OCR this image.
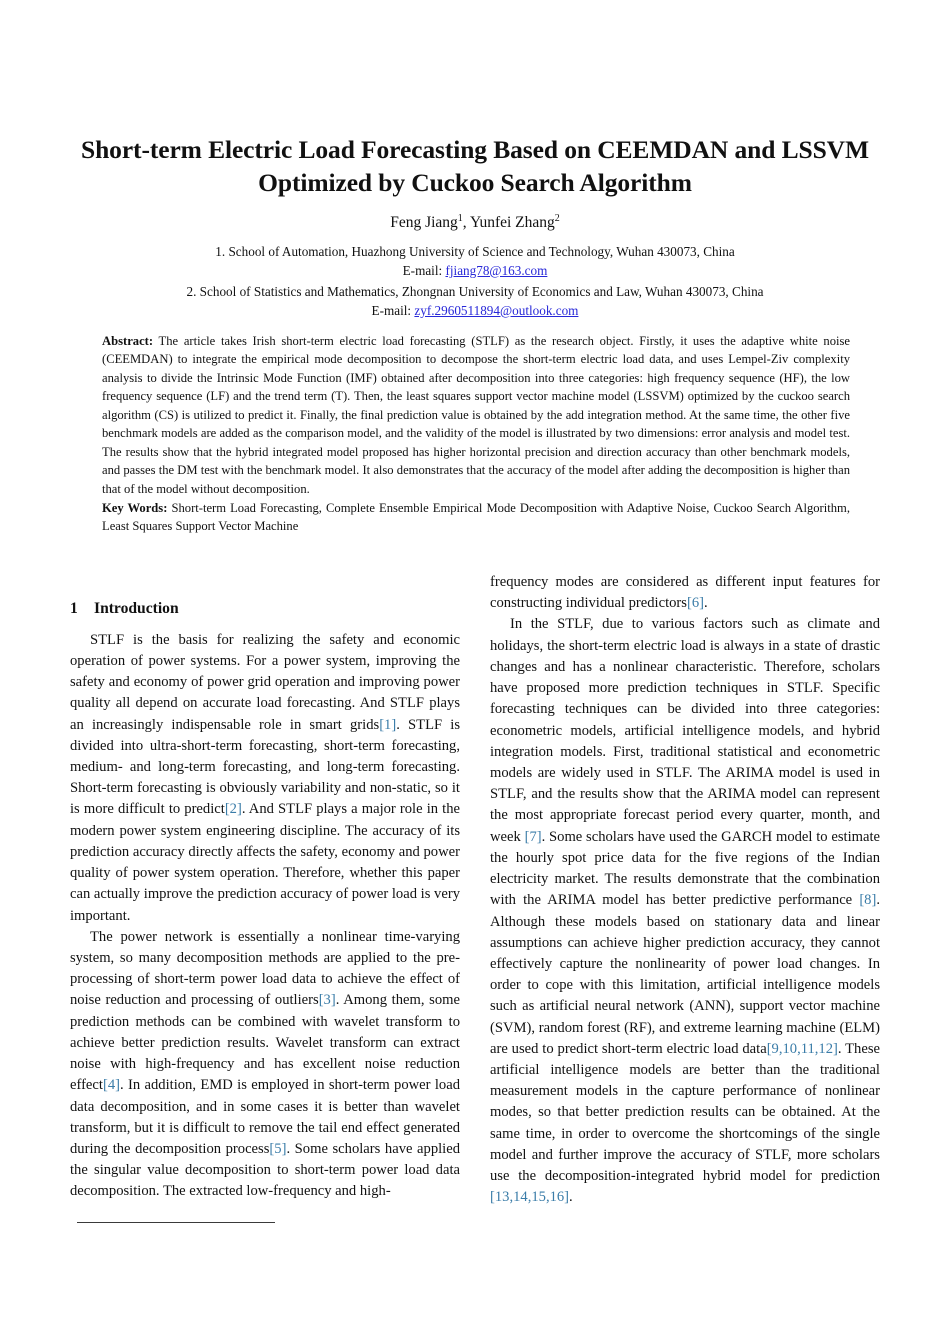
Short-term Electric Load Forecasting Based on CEEMDAN and LSSVM Optimized by Cuckoo Search Algorithm
Feng Jiang$^1$, Yunfei Zhang$^2$
1. School of Automation, Huazhong University of Science and Technology, Wuhan 430073, China
E-mail: fjiang78@163.com
2. School of Statistics and Mathematics, Zhongnan University of Economics and Law, Wuhan 430073, China
E-mail: zyf.2960511894@outlook.com
Abstract: The article takes Irish short-term electric load forecasting (STLF) as the research object. Firstly, it uses the adaptive white noise (CEEMDAN) to integrate the empirical mode decomposition to decompose the short-term electric load data, and uses Lempel-Ziv complexity analysis to divide the Intrinsic Mode Function (IMF) obtained after decomposition into three categories: high frequency sequence (HF), the low frequency sequence (LF) and the trend term (T). Then, the least squares support vector machine model (LSSVM) optimized by the cuckoo search algorithm (CS) is utilized to predict it. Finally, the final prediction value is obtained by the add integration method. At the same time, the other five benchmark models are added as the comparison model, and the validity of the model is illustrated by two dimensions: error analysis and model test. The results show that the hybrid integrated model proposed has higher horizontal precision and direction accuracy than other benchmark models, and passes the DM test with the benchmark model. It also demonstrates that the accuracy of the model after adding the decomposition is higher than that of the model without decomposition.
Key Words: Short-term Load Forecasting, Complete Ensemble Empirical Mode Decomposition with Adaptive Noise, Cuckoo Search Algorithm, Least Squares Support Vector Machine
1 Introduction

STLF is the basis for realizing the safety and economic operation of power systems. For a power system, improving the safety and economy of power grid operation and improving power quality all depend on accurate load forecasting. And STLF plays an increasingly indispensable role in smart grids[1]. STLF is divided into ultra-short-term forecasting, short-term forecasting, medium- and long-term forecasting, and long-term forecasting. Short-term forecasting is obviously variability and non-static, so it is more difficult to predict[2]. And STLF plays a major role in the modern power system engineering discipline. The accuracy of its prediction accuracy directly affects the safety, economy and power quality of power system operation. Therefore, whether this paper can actually improve the prediction accuracy of power load is very important.

The power network is essentially a nonlinear time-varying system, so many decomposition methods are applied to the pre-processing of short-term power load data to achieve the effect of noise reduction and processing of outliers[3]. Among them, some prediction methods can be combined with wavelet transform to achieve better prediction results. Wavelet transform can extract noise with high-frequency and has excellent noise reduction effect[4]. In addition, EMD is employed in short-term power load data decomposition, and in some cases it is better than wavelet transform, but it is difficult to remove the tail end effect generated during the decomposition process[5]. Some scholars have applied the singular value decomposition to short-term power load data decomposition. The extracted low-frequency and high-

frequency modes are considered as different input features for constructing individual predictors[6].

In the STLF, due to various factors such as climate and holidays, the short-term electric load is always in a state of drastic changes and has a nonlinear characteristic. Therefore, scholars have proposed more prediction techniques in STLF. Specific forecasting techniques can be divided into three categories: econometric models, artificial intelligence models, and hybrid integration models. First, traditional statistical and econometric models are widely used in STLF. The ARIMA model is used in STLF, and the results show that the ARIMA model can represent the most appropriate forecast period every quarter, month, and week [7]. Some scholars have used the GARCH model to estimate the hourly spot price data for the five regions of the Indian electricity market. The results demonstrate that the combination with the ARIMA model has better predictive performance [8]. Although these models based on stationary data and linear assumptions can achieve higher prediction accuracy, they cannot effectively capture the nonlinearity of power load changes. In order to cope with this limitation, artificial intelligence models such as artificial neural network (ANN), support vector machine (SVM), random forest (RF), and extreme learning machine (ELM) are used to predict short-term electric load data[9,10,11,12]. These artificial intelligence models are better than the traditional measurement models in the capture performance of nonlinear modes, so that better prediction results can be obtained. At the same time, in order to overcome the shortcomings of the single model and further improve the accuracy of STLF, more scholars use the decomposition-integrated hybrid model for prediction [13,14,15,16].
